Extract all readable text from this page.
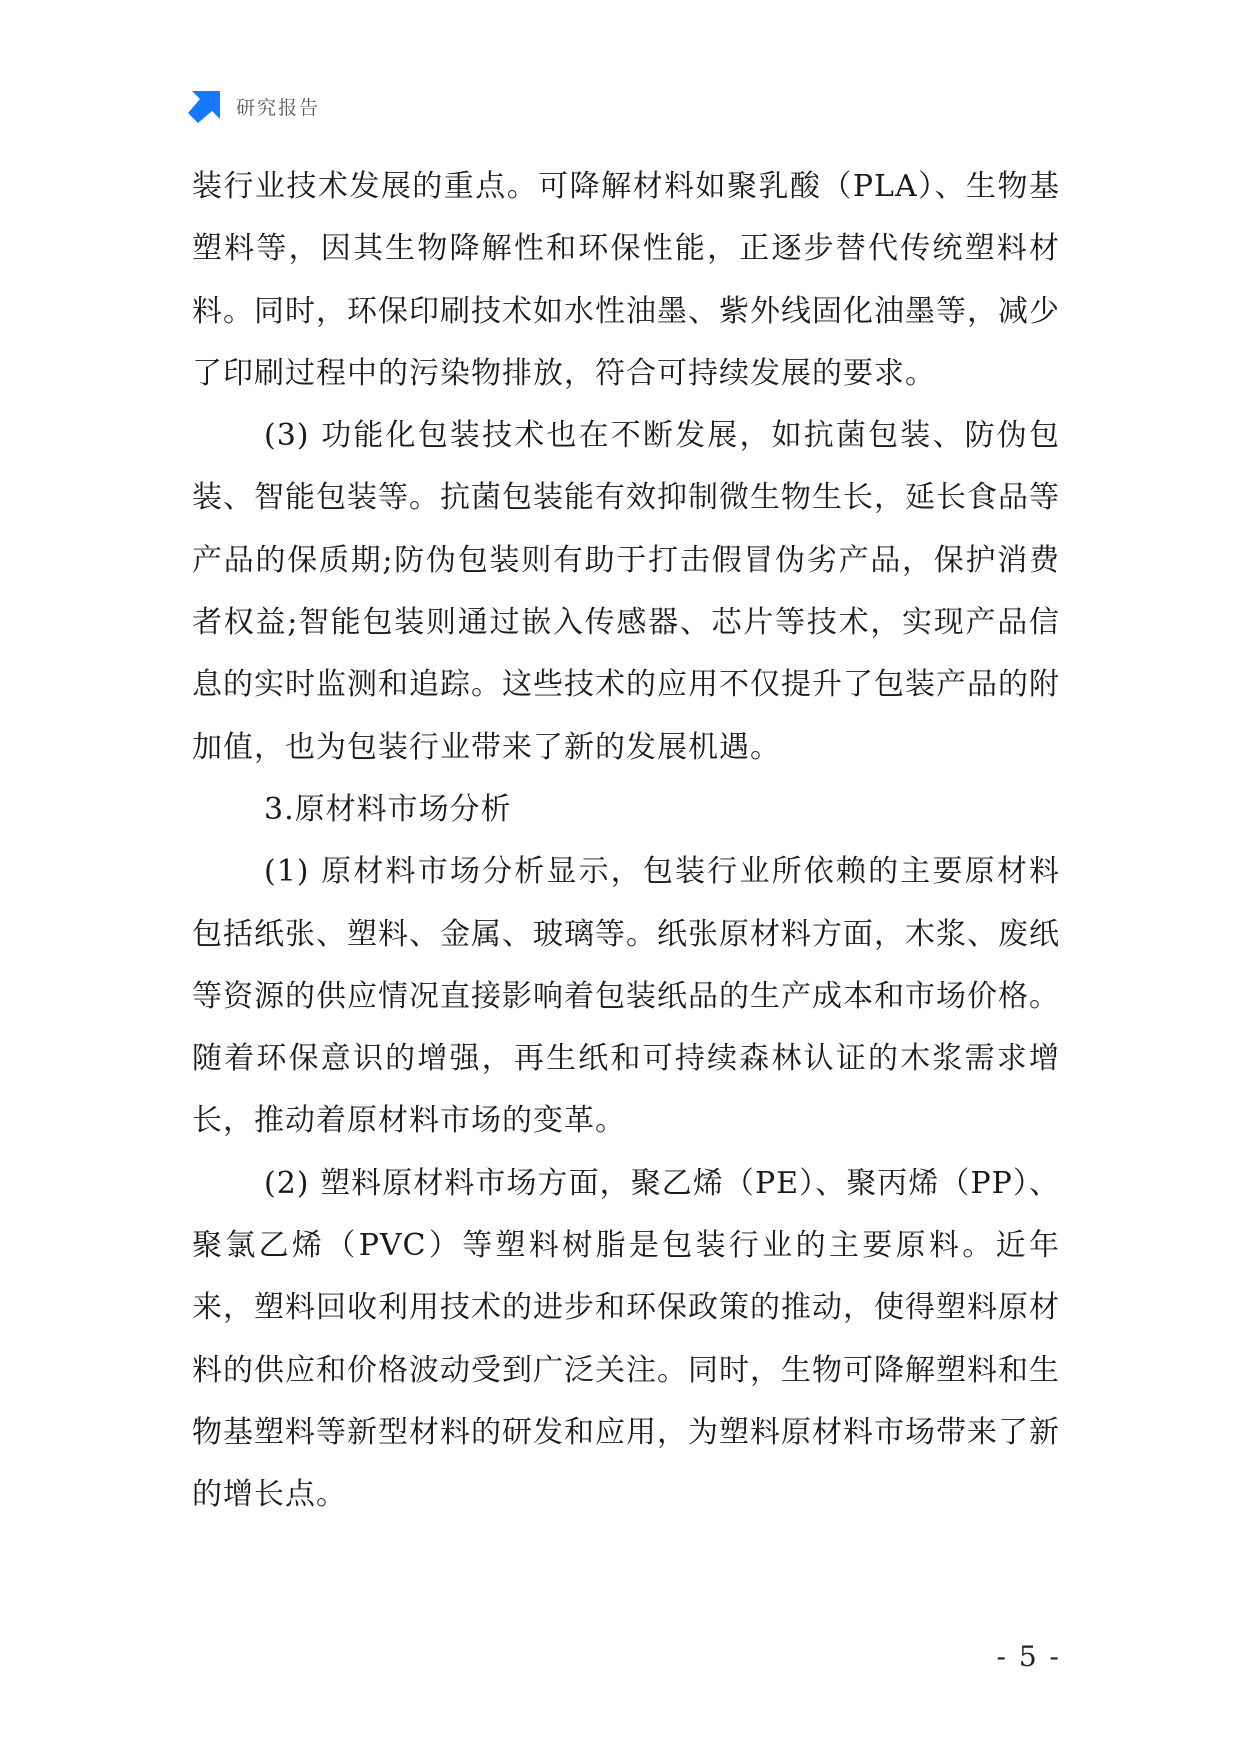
研究报告

装行业技术发展的重点。可降解材料如聚乳酸（PLA）、生物基塑料等，因其生物降解性和环保性能，正逐步替代传统塑料材料。同时，环保印刷技术如水性油墨、紫外线固化油墨等，减少了印刷过程中的污染物排放，符合可持续发展的要求。

(3) 功能化包装技术也在不断发展，如抗菌包装、防伪包装、智能包装等。抗菌包装能有效抑制微生物生长，延长食品等产品的保质期;防伪包装则有助于打击假冒伪劣产品，保护消费者权益;智能包装则通过嵌入传感器、芯片等技术，实现产品信息的实时监测和追踪。这些技术的应用不仅提升了包装产品的附加值，也为包装行业带来了新的发展机遇。

3.原材料市场分析

(1) 原材料市场分析显示，包装行业所依赖的主要原材料包括纸张、塑料、金属、玻璃等。纸张原材料方面，木浆、废纸等资源的供应情况直接影响着包装纸品的生产成本和市场价格。随着环保意识的增强，再生纸和可持续森林认证的木浆需求增长，推动着原材料市场的变革。

(2) 塑料原材料市场方面，聚乙烯（PE）、聚丙烯（PP）、聚氯乙烯（PVC）等塑料树脂是包装行业的主要原料。近年来，塑料回收利用技术的进步和环保政策的推动，使得塑料原材料的供应和价格波动受到广泛关注。同时，生物可降解塑料和生物基塑料等新型材料的研发和应用，为塑料原材料市场带来了新的增长点。

- 5 -
